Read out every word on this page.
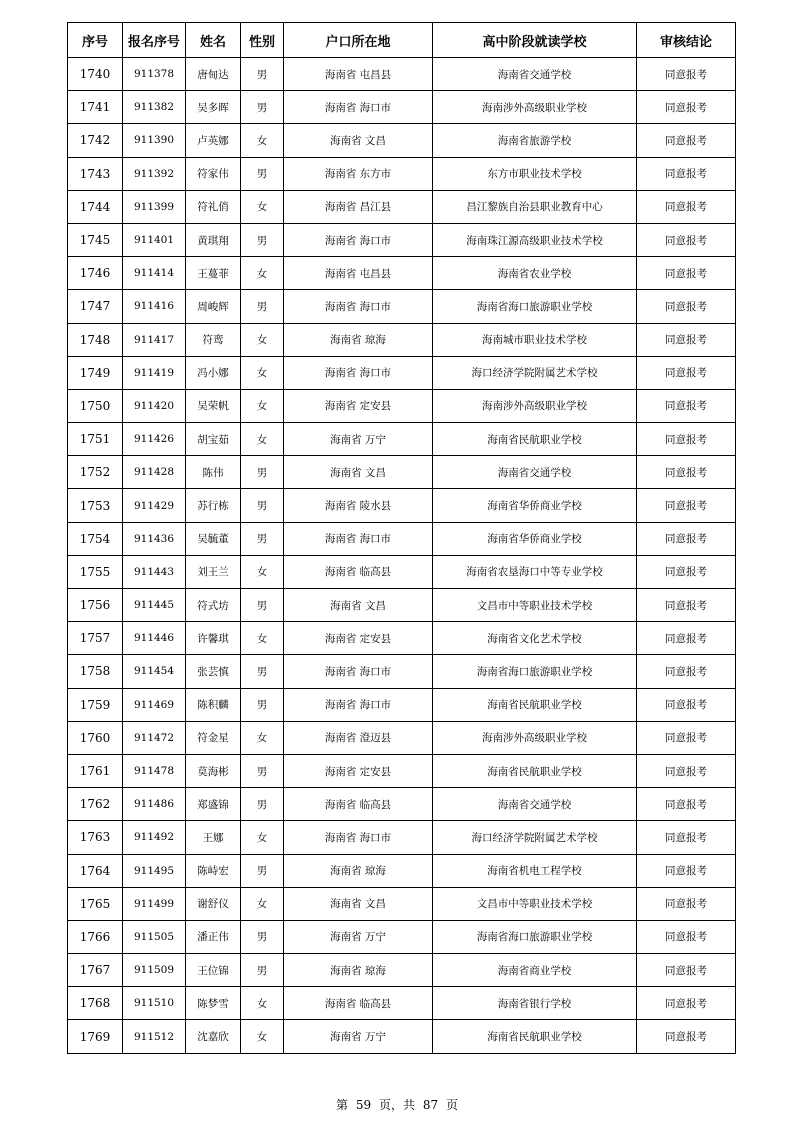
序号	报名序号	姓名	性别	户口所在地	高中阶段就读学校	审核结论
1740	911378	唐甸达	男	海南省 屯昌县	海南省交通学校	同意报考
1741	911382	吴多晖	男	海南省 海口市	海南涉外高级职业学校	同意报考
1742	911390	卢英娜	女	海南省 文昌	海南省旅游学校	同意报考
1743	911392	符家伟	男	海南省 东方市	东方市职业技术学校	同意报考
1744	911399	符礼俏	女	海南省 昌江县	昌江黎族自治县职业教育中心	同意报考
1745	911401	黄琪翔	男	海南省 海口市	海南珠江源高级职业技术学校	同意报考
1746	911414	王蔓菲	女	海南省 屯昌县	海南省农业学校	同意报考
1747	911416	周峻辉	男	海南省 海口市	海南省海口旅游职业学校	同意报考
1748	911417	符鸾	女	海南省 琼海	海南城市职业技术学校	同意报考
1749	911419	冯小娜	女	海南省 海口市	海口经济学院附属艺术学校	同意报考
1750	911420	吴荣帆	女	海南省 定安县	海南涉外高级职业学校	同意报考
1751	911426	胡宝茹	女	海南省 万宁	海南省民航职业学校	同意报考
1752	911428	陈伟	男	海南省 文昌	海南省交通学校	同意报考
1753	911429	苏行栋	男	海南省 陵水县	海南省华侨商业学校	同意报考
1754	911436	吴毓董	男	海南省 海口市	海南省华侨商业学校	同意报考
1755	911443	刘王兰	女	海南省 临高县	海南省农垦海口中等专业学校	同意报考
1756	911445	符式坊	男	海南省 文昌	文昌市中等职业技术学校	同意报考
1757	911446	许馨琪	女	海南省 定安县	海南省文化艺术学校	同意报考
1758	911454	张芸慎	男	海南省 海口市	海南省海口旅游职业学校	同意报考
1759	911469	陈积麟	男	海南省 海口市	海南省民航职业学校	同意报考
1760	911472	符金星	女	海南省 澄迈县	海南涉外高级职业学校	同意报考
1761	911478	莫海彬	男	海南省 定安县	海南省民航职业学校	同意报考
1762	911486	郑盛锦	男	海南省 临高县	海南省交通学校	同意报考
1763	911492	王娜	女	海南省 海口市	海口经济学院附属艺术学校	同意报考
1764	911495	陈峙宏	男	海南省 琼海	海南省机电工程学校	同意报考
1765	911499	谢舒仪	女	海南省 文昌	文昌市中等职业技术学校	同意报考
1766	911505	潘正伟	男	海南省 万宁	海南省海口旅游职业学校	同意报考
1767	911509	王位锦	男	海南省 琼海	海南省商业学校	同意报考
1768	911510	陈梦雪	女	海南省 临高县	海南省银行学校	同意报考
1769	911512	沈嘉欣	女	海南省 万宁	海南省民航职业学校	同意报考
第 59 页，共 87 页
